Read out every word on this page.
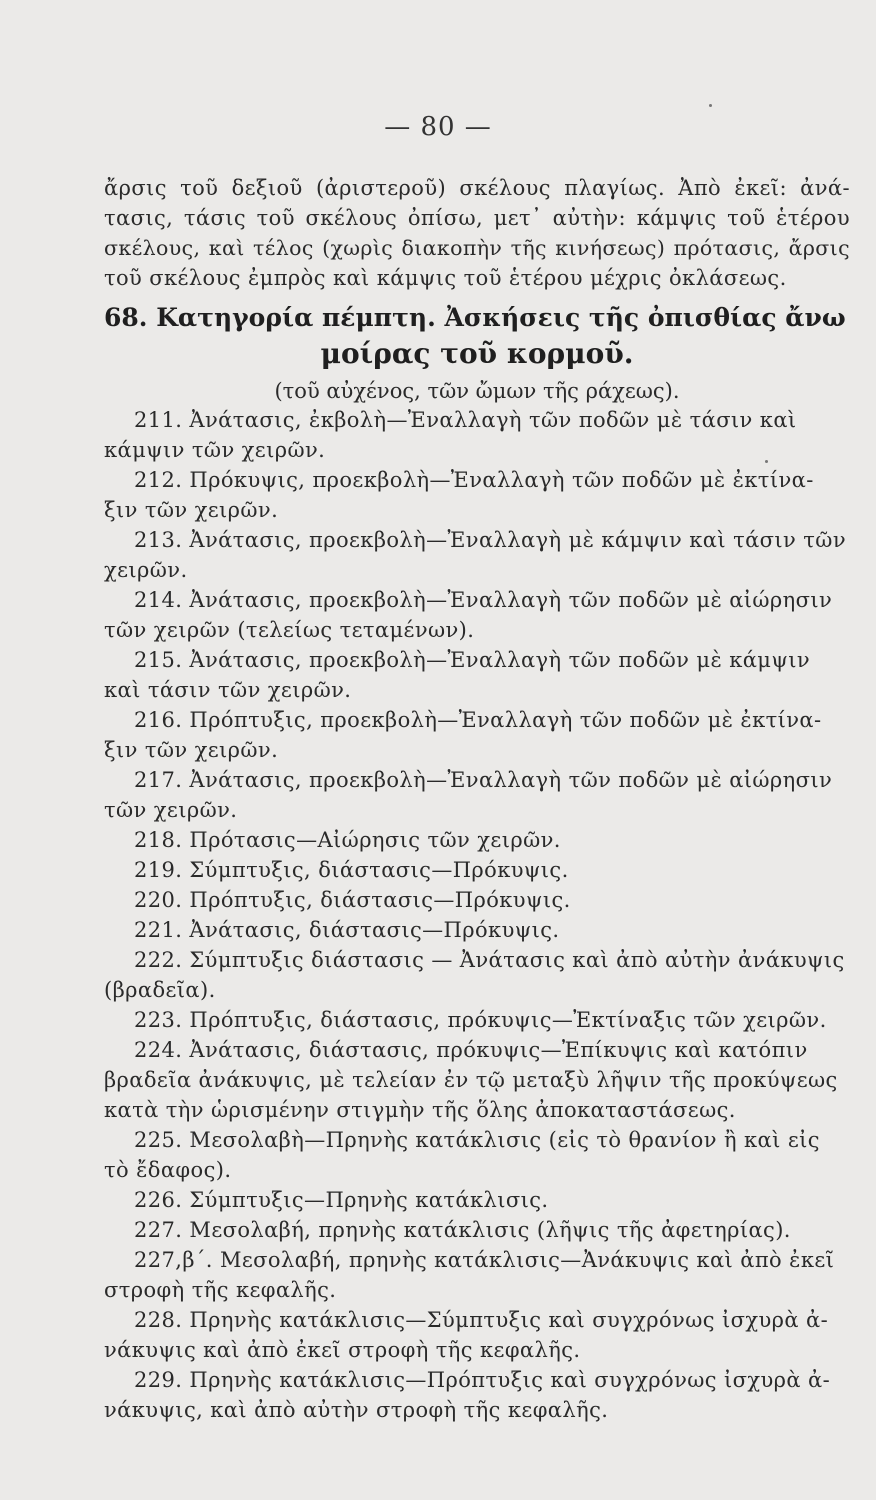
— 80 —
ἄρσις τοῦ δεξιοῦ (ἀριστεροῦ) σκέλους πλαγίως. Ἀπὸ ἐκεῖ: ἀνά-
τασις, τάσις τοῦ σκέλους ὀπίσω, μετ᾽ αὐτὴν: κάμψις τοῦ ἑτέρου
σκέλους, καὶ τέλος (χωρὶς διακοπὴν τῆς κινήσεως) πρότασις, ἄρσις
τοῦ σκέλους ἐμπρὸς καὶ κάμψις τοῦ ἑτέρου μέχρις ὀκλάσεως.
68. Κατηγορία πέμπτη. Ἀσκήσεις τῆς ὀπισθίας ἄνω
μοίρας τοῦ κορμοῦ.
(τοῦ αὐχένος, τῶν ὤμων τῆς ράχεως).
211. Ἀνάτασις, ἐκβολὴ—Ἐναλλαγὴ τῶν ποδῶν μὲ τάσιν καὶ
κάμψιν τῶν χειρῶν.
212. Πρόκυψις, προεκβολὴ—Ἐναλλαγὴ τῶν ποδῶν μὲ ἐκτίνα-
ξιν τῶν χειρῶν.
213. Ἀνάτασις, προεκβολὴ—Ἐναλλαγὴ μὲ κάμψιν καὶ τάσιν τῶν
χειρῶν.
214. Ἀνάτασις, προεκβολὴ—Ἐναλλαγὴ τῶν ποδῶν μὲ αἰώρησιν
τῶν χειρῶν (τελείως τεταμένων).
215. Ἀνάτασις, προεκβολὴ—Ἐναλλαγὴ τῶν ποδῶν μὲ κάμψιν
καὶ τάσιν τῶν χειρῶν.
216. Πρόπτυξις, προεκβολὴ—Ἐναλλαγὴ τῶν ποδῶν μὲ ἐκτίνα-
ξιν τῶν χειρῶν.
217. Ἀνάτασις, προεκβολὴ—Ἐναλλαγὴ τῶν ποδῶν μὲ αἰώρησιν
τῶν χειρῶν.
218. Πρότασις—Αἰώρησις τῶν χειρῶν.
219. Σύμπτυξις, διάστασις—Πρόκυψις.
220. Πρόπτυξις, διάστασις—Πρόκυψις.
221. Ἀνάτασις, διάστασις—Πρόκυψις.
222. Σύμπτυξις διάστασις — Ἀνάτασις καὶ ἀπὸ αὐτὴν ἀνάκυψις
(βραδεῖα).
223. Πρόπτυξις, διάστασις, πρόκυψις—Ἐκτίναξις τῶν χειρῶν.
224. Ἀνάτασις, διάστασις, πρόκυψις—Ἐπίκυψις καὶ κατόπιν
βραδεῖα ἀνάκυψις, μὲ τελείαν ἐν τῷ μεταξὺ λῆψιν τῆς προκύψεως
κατὰ τὴν ὡρισμένην στιγμὴν τῆς ὅλης ἀποκαταστάσεως.
225. Μεσολαβὴ—Πρηνὴς κατάκλισις (εἰς τὸ θρανίον ἢ καὶ εἰς
τὸ ἔδαφος).
226. Σύμπτυξις—Πρηνὴς κατάκλισις.
227. Μεσολαβή, πρηνὴς κατάκλισις (λῆψις τῆς ἀφετηρίας).
227,β΄. Μεσολαβή, πρηνὴς κατάκλισις—Ἀνάκυψις καὶ ἀπὸ ἐκεῖ
στροφὴ τῆς κεφαλῆς.
228. Πρηνὴς κατάκλισις—Σύμπτυξις καὶ συγχρόνως ἰσχυρὰ ἀ-
νάκυψις καὶ ἀπὸ ἐκεῖ στροφὴ τῆς κεφαλῆς.
229. Πρηνὴς κατάκλισις—Πρόπτυξις καὶ συγχρόνως ἰσχυρὰ ἀ-
νάκυψις, καὶ ἀπὸ αὐτὴν στροφὴ τῆς κεφαλῆς.
